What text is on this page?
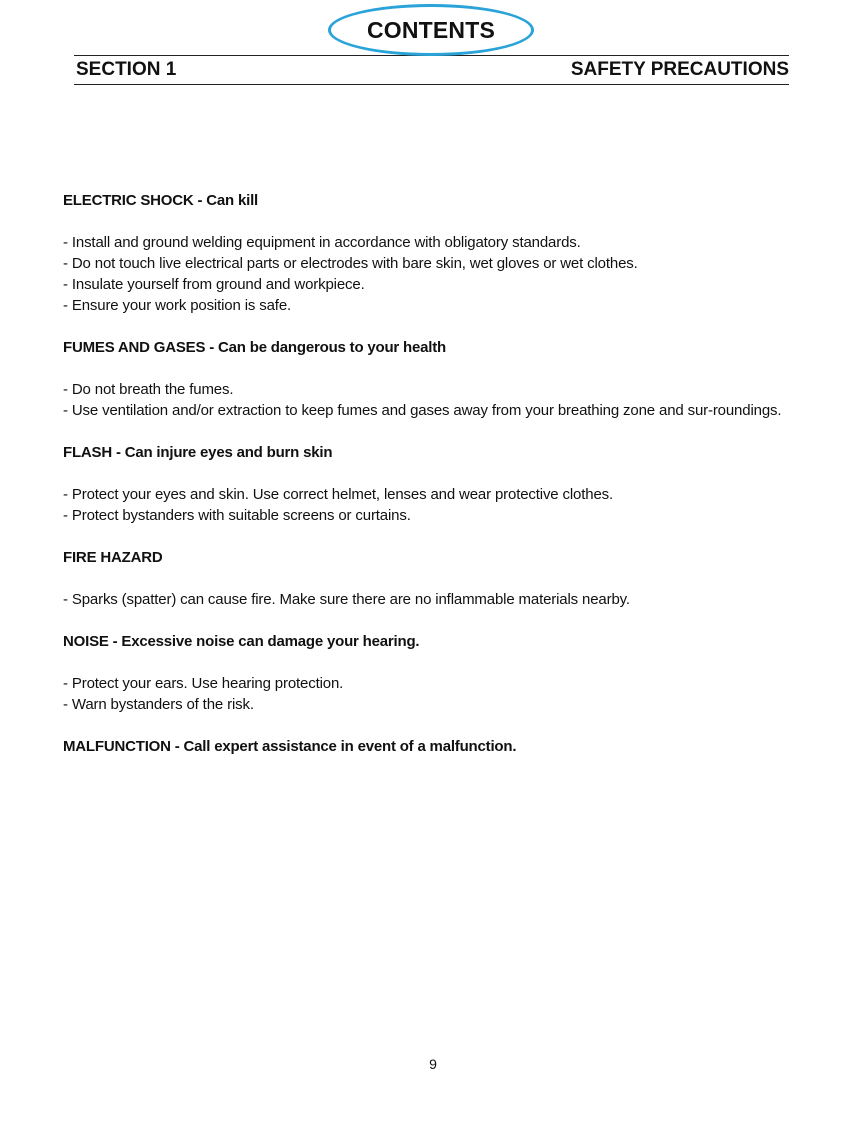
CONTENTS
SECTION 1	SAFETY PRECAUTIONS
ELECTRIC SHOCK - Can kill

- Install and ground welding equipment in accordance with obligatory standards.

- Do not touch live electrical parts or electrodes with bare skin, wet gloves or wet clothes.

- Insulate yourself from ground and workpiece.

- Ensure your work position is safe.

FUMES AND GASES - Can be dangerous to your health

- Do not breath the fumes.

- Use ventilation and/or extraction to keep fumes and gases away from your breathing zone and sur-roundings.

FLASH - Can injure eyes and burn skin

- Protect your eyes and skin. Use correct helmet, lenses and wear protective clothes.

- Protect bystanders with suitable screens or curtains.

FIRE HAZARD

- Sparks (spatter) can cause fire. Make sure there are no inflammable materials nearby.

NOISE - Excessive noise can damage your hearing.

- Protect your ears. Use hearing protection.

- Warn bystanders of the risk.

MALFUNCTION - Call expert assistance in event of a malfunction.
9
